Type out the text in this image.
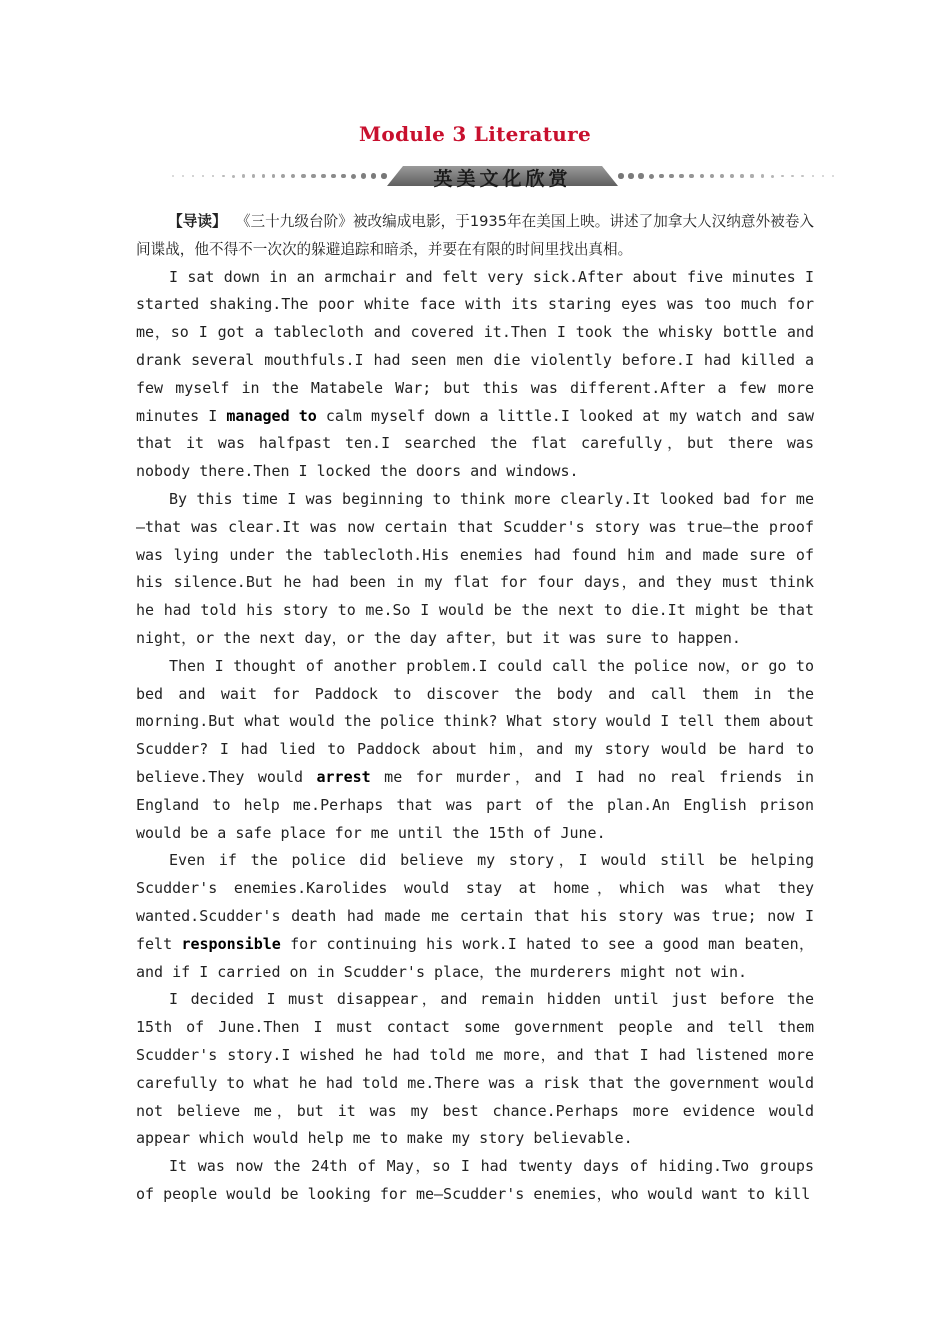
Module 3 Literature
英美文化欣赏

【导读】 《三十九级台阶》被改编成电影，于1935年在美国上映。讲述了加拿大人汉纳意外被卷入间谍战，他不得不一次次的躲避追踪和暗杀，并要在有限的时间里找出真相。

I sat down in an armchair and felt very sick.After about five minutes I started shaking.The poor white face with its staring eyes was too much for me，so I got a tablecloth and covered it.Then I took the whisky bottle and drank several mouthfuls.I had seen men die violently before.I had killed a few myself in the Matabele War; but this was different.After a few more minutes I managed to calm myself down a little.I looked at my watch and saw that it was halfpast ten.I searched the flat carefully，but there was nobody there.Then I locked the doors and windows.

By this time I was beginning to think more clearly.It looked bad for me—that was clear.It was now certain that Scudder's story was true—the proof was lying under the tablecloth.His enemies had found him and made sure of his silence.But he had been in my flat for four days，and they must think he had told his story to me.So I would be the next to die.It might be that night，or the next day，or the day after，but it was sure to happen.

Then I thought of another problem.I could call the police now，or go to bed and wait for Paddock to discover the body and call them in the morning.But what would the police think? What story would I tell them about Scudder? I had lied to Paddock about him，and my story would be hard to believe.They would arrest me for murder，and I had no real friends in England to help me.Perhaps that was part of the plan.An English prison would be a safe place for me until the 15th of June.

Even if the police did believe my story，I would still be helping Scudder's enemies.Karolides would stay at home，which was what they wanted.Scudder's death had made me certain that his story was true; now I felt responsible for continuing his work.I hated to see a good man beaten，and if I carried on in Scudder's place，the murderers might not win.

I decided I must disappear，and remain hidden until just before the 15th of June.Then I must contact some government people and tell them Scudder's story.I wished he had told me more，and that I had listened more carefully to what he had told me.There was a risk that the government would not believe me，but it was my best chance.Perhaps more evidence would appear which would help me to make my story believable.

It was now the 24th of May，so I had twenty days of hiding.Two groups of people would be looking for me—Scudder's enemies，who would want to kill
